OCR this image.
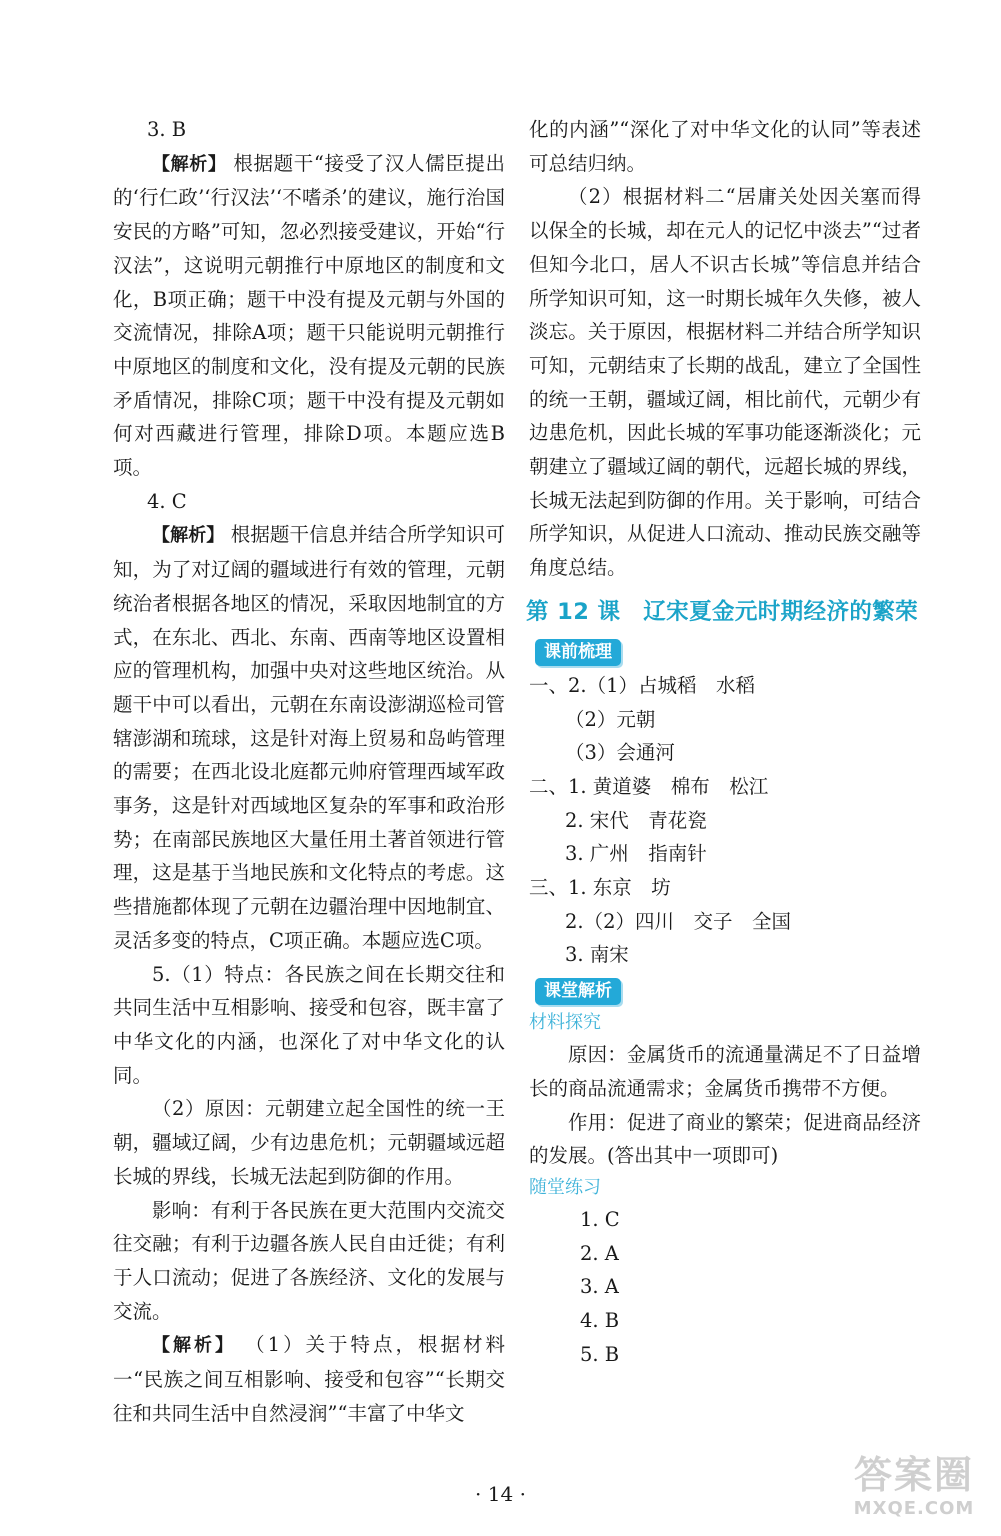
3. B

【解析】 根据题干“接受了汉人儒臣提出的‘行仁政’‘行汉法’‘不嗜杀’的建议，施行治国安民的方略”可知，忽必烈接受建议，开始“行汉法”，这说明元朝推行中原地区的制度和文化，B项正确；题干中没有提及元朝与外国的交流情况，排除A项；题干只能说明元朝推行中原地区的制度和文化，没有提及元朝的民族矛盾情况，排除C项；题干中没有提及元朝如何对西藏进行管理，排除D项。本题应选B项。

4. C

【解析】 根据题干信息并结合所学知识可知，为了对辽阔的疆域进行有效的管理，元朝统治者根据各地区的情况，采取因地制宜的方式，在东北、西北、东南、西南等地区设置相应的管理机构，加强中央对这些地区统治。从题干中可以看出，元朝在东南设澎湖巡检司管辖澎湖和琉球，这是针对海上贸易和岛屿管理的需要；在西北设北庭都元帅府管理西域军政事务，这是针对西域地区复杂的军事和政治形势；在南部民族地区大量任用土著首领进行管理，这是基于当地民族和文化特点的考虑。这些措施都体现了元朝在边疆治理中因地制宜、灵活多变的特点，C项正确。本题应选C项。

5.（1）特点：各民族之间在长期交往和共同生活中互相影响、接受和包容，既丰富了中华文化的内涵，也深化了对中华文化的认同。

（2）原因：元朝建立起全国性的统一王朝，疆域辽阔，少有边患危机；元朝疆域远超长城的界线，长城无法起到防御的作用。

影响：有利于各民族在更大范围内交流交往交融；有利于边疆各族人民自由迁徙；有利于人口流动；促进了各族经济、文化的发展与交流。

【解析】 （1）关于特点，根据材料一“民族之间互相影响、接受和包容”“长期交往和共同生活中自然浸润”“丰富了中华文

化的内涵”“深化了对中华文化的认同”等表述可总结归纳。

（2）根据材料二“居庸关处因关塞而得以保全的长城，却在元人的记忆中淡去”“过者但知今北口，居人不识古长城”等信息并结合所学知识可知，这一时期长城年久失修，被人淡忘。关于原因，根据材料二并结合所学知识可知，元朝结束了长期的战乱，建立了全国性的统一王朝，疆域辽阔，相比前代，元朝少有边患危机，因此长城的军事功能逐渐淡化；元朝建立了疆域辽阔的朝代，远超长城的界线，长城无法起到防御的作用。关于影响，可结合所学知识，从促进人口流动、推动民族交融等角度总结。

第 12 课　辽宋夏金元时期经济的繁荣
课前梳理
一、2.（1）占城稻　水稻
（2）元朝
（3）会通河
二、1. 黄道婆　棉布　松江
2. 宋代　青花瓷
3. 广州　指南针
三、1. 东京　坊
2.（2）四川　交子　全国
3. 南宋
课堂解析
材料探究

原因：金属货币的流通量满足不了日益增长的商品流通需求；金属货币携带不方便。

作用：促进了商业的繁荣；促进商品经济的发展。(答出其中一项即可)

随堂练习
1. C
2. A
3. A
4. B
5. B
· 14 ·	答案圈
MXQE.COM
